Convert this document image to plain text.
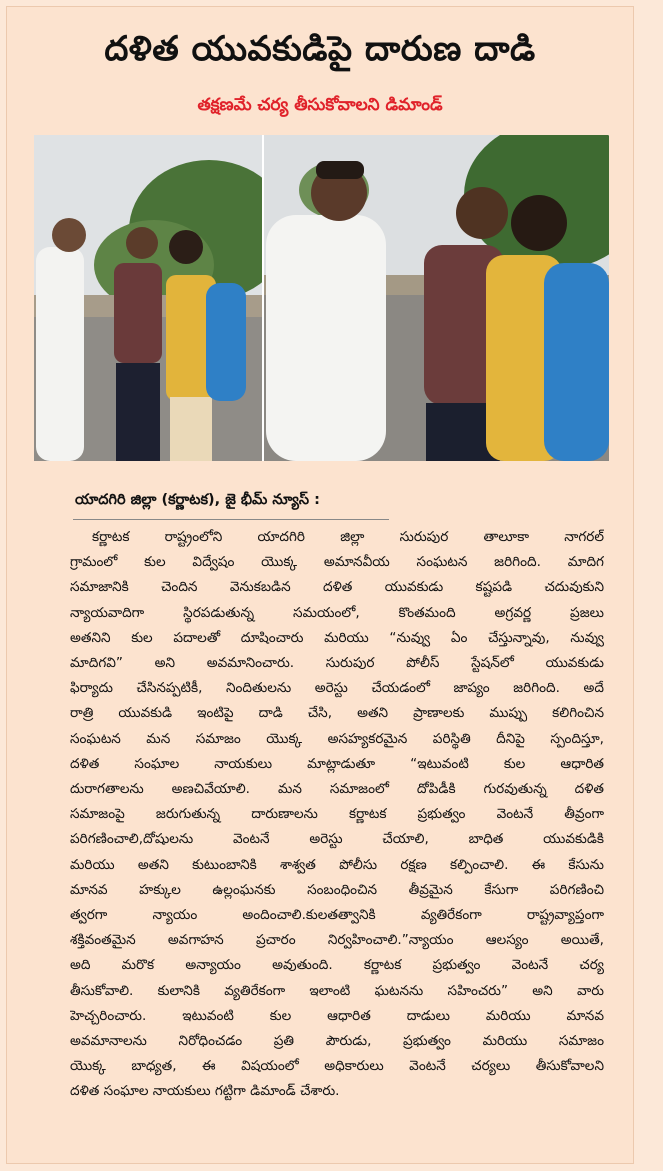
దళిత యువకుడిపై దారుణ దాడి
తక్షణమే చర్య తీసుకోవాలని డిమాండ్
యాదగిరి జిల్లా (కర్ణాటక), జై భీమ్ న్యూస్ :
కర్ణాటక రాష్ట్రంలోని యాదగిరి జిల్లా సురుపుర తాలూకా నాగరల్
గ్రామంలో కుల విద్వేషం యొక్క అమానవీయ సంఘటన జరిగింది. మాదిగ
సమాజానికి చెందిన వెనుకబడిన దళిత యువకుడు కష్టపడి చదువుకుని
న్యాయవాదిగా స్థిరపడుతున్న సమయంలో, కొంతమంది అగ్రవర్ణ ప్రజలు
అతనిని కుల పదాలతో దూషించారు మరియు “నువ్వు ఏం చేస్తున్నావు, నువ్వు
మాదిగవి” అని అవమానించారు. సురుపుర పోలీస్ స్టేషన్‌లో యువకుడు
ఫిర్యాదు చేసినప్పటికీ, నిందితులను అరెస్టు చేయడంలో జాప్యం జరిగింది. అదే
రాత్రి యువకుడి ఇంటిపై దాడి చేసి, అతని ప్రాణాలకు ముప్పు కలిగించిన
సంఘటన మన సమాజం యొక్క అసహ్యకరమైన పరిస్థితి దీనిపై స్పందిస్తూ,
దళిత సంఘాల నాయకులు మాట్లాడుతూ “ఇటువంటి కుల ఆధారిత
దురాగతాలను అణచివేయాలి. మన సమాజంలో దోపిడీకి గురవుతున్న దళిత
సమాజంపై జరుగుతున్న దారుణాలను కర్ణాటక ప్రభుత్వం వెంటనే తీవ్రంగా
పరిగణించాలి,దోషులను వెంటనే అరెస్టు చేయాలి, బాధిత యువకుడికి
మరియు అతని కుటుంబానికి శాశ్వత పోలీసు రక్షణ కల్పించాలి. ఈ కేసును
మానవ హక్కుల ఉల్లంఘనకు సంబంధించిన తీవ్రమైన కేసుగా పరిగణించి
త్వరగా న్యాయం అందించాలి.కులతత్వానికి వ్యతిరేకంగా రాష్ట్రవ్యాప్తంగా
శక్తివంతమైన అవగాహన ప్రచారం నిర్వహించాలి.”న్యాయం ఆలస్యం అయితే,
అది మరొక అన్యాయం అవుతుంది. కర్ణాటక ప్రభుత్వం వెంటనే చర్య
తీసుకోవాలి. కులానికి వ్యతిరేకంగా ఇలాంటి ఘటనను సహించరు” అని వారు
హెచ్చరించారు. ఇటువంటి కుల ఆధారిత దాడులు మరియు మానవ
అవమానాలను నిరోధించడం ప్రతి పౌరుడు, ప్రభుత్వం మరియు సమాజం
యొక్క బాధ్యత, ఈ విషయంలో అధికారులు వెంటనే చర్యలు తీసుకోవాలని
దళిత సంఘాల నాయకులు గట్టిగా డిమాండ్ చేశారు.
